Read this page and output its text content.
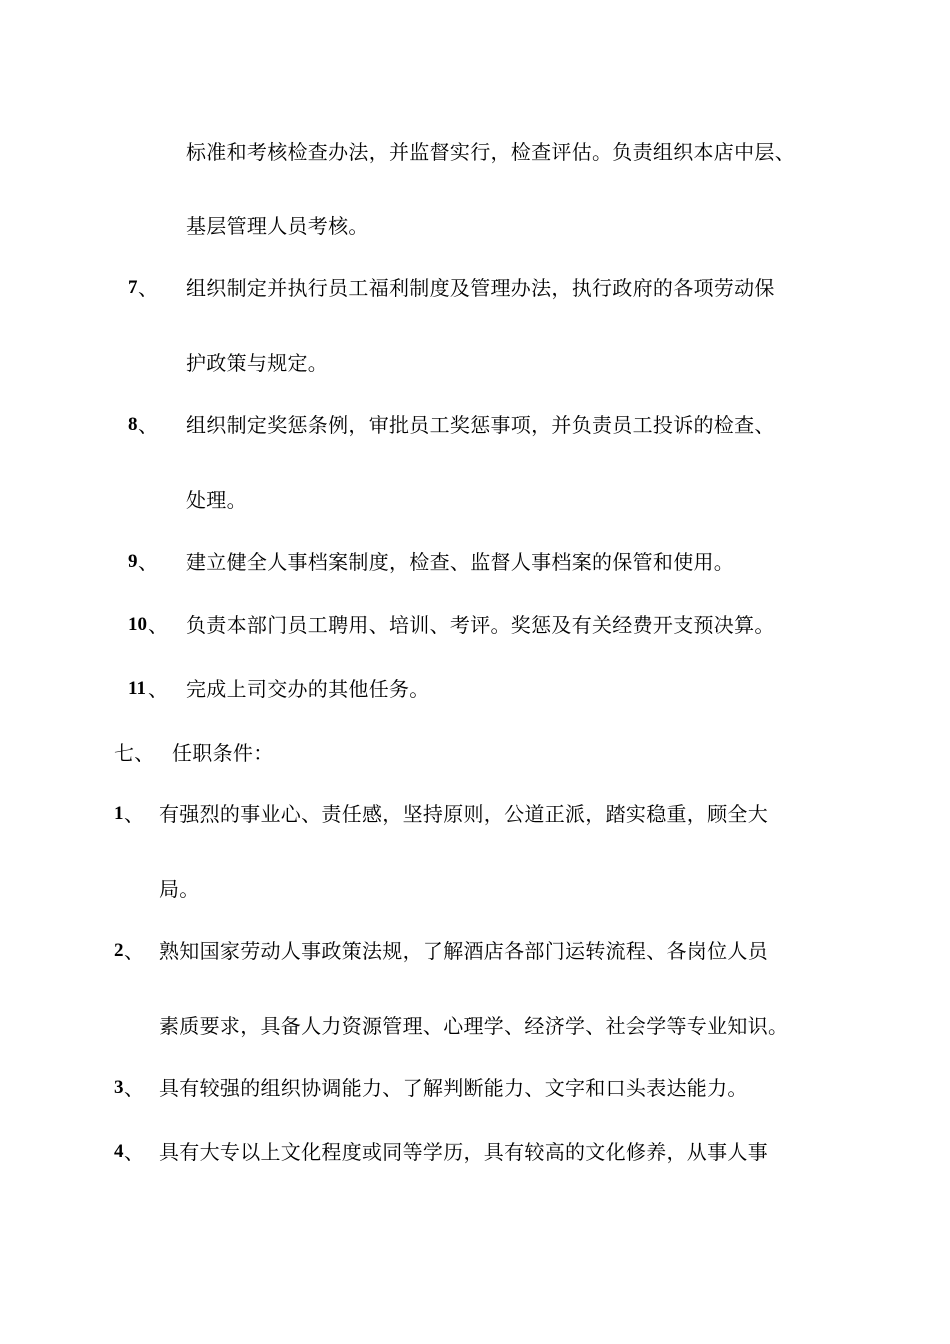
标准和考核检查办法，并监督实行，检查评估。负责组织本店中层、
基层管理人员考核。
7 、 组织制定并执行员工福利制度及管理办法，执行政府的各项劳动保
护政策与规定。
8 、 组织制定奖惩条例，审批员工奖惩事项，并负责员工投诉的检查、
处理。
9 、 建立健全人事档案制度，检查、监督人事档案的保管和使用。
10 、 负责本部门员工聘用、培训、考评。奖惩及有关经费开支预决算。
11 、 完成上司交办的其他任务。
七、 任职条件：
1 、 有强烈的事业心、责任感，坚持原则，公道正派，踏实稳重，顾全大
局。
2 、 熟知国家劳动人事政策法规，了解酒店各部门运转流程、各岗位人员
素质要求，具备人力资源管理、心理学、经济学、社会学等专业知识。
3 、 具有较强的组织协调能力、了解判断能力、文字和口头表达能力。
4 、 具有大专以上文化程度或同等学历，具有较高的文化修养，从事人事
